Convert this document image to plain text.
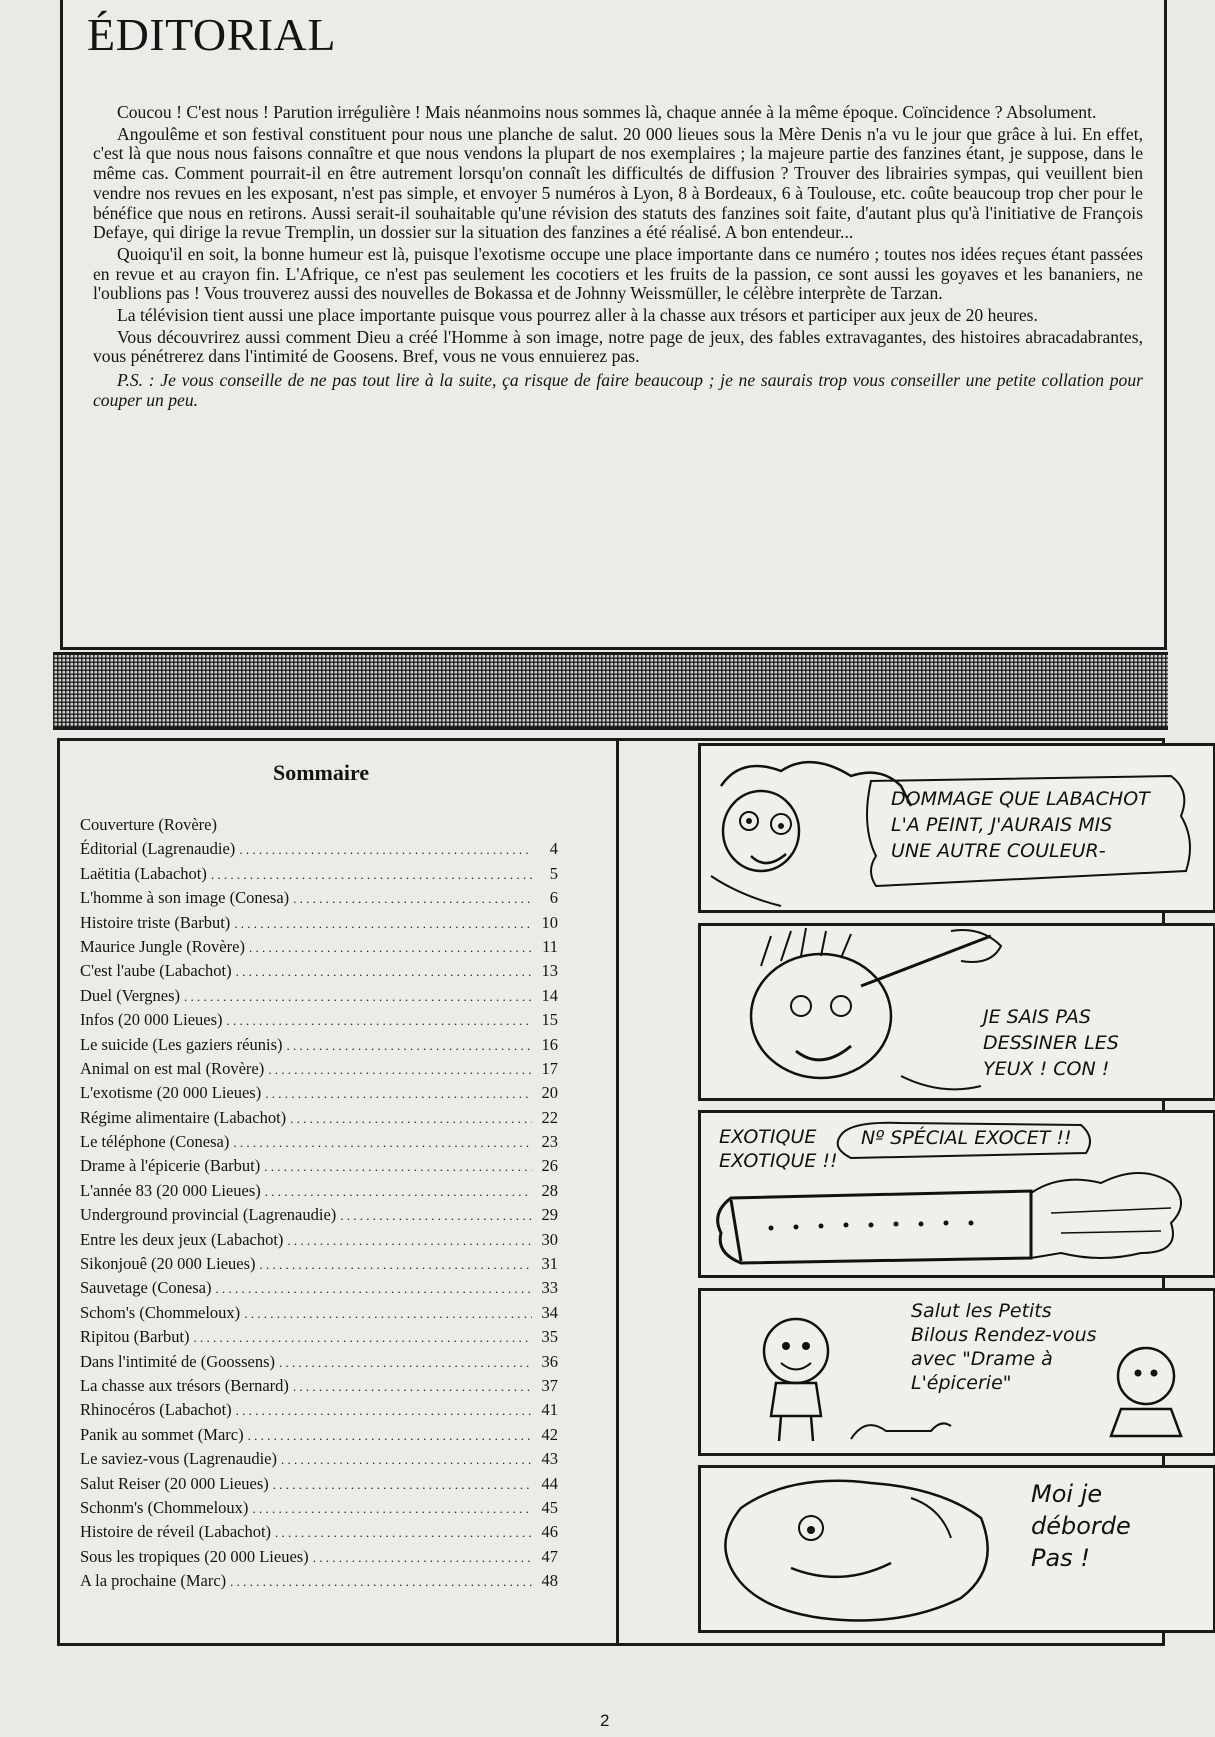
ÉDITORIAL

Coucou ! C'est nous ! Parution irrégulière ! Mais néanmoins nous sommes là, chaque année à la même époque. Coïncidence ? Absolument.

Angoulême et son festival constituent pour nous une planche de salut. 20 000 lieues sous la Mère Denis n'a vu le jour que grâce à lui. En effet, c'est là que nous nous faisons connaître et que nous vendons la plupart de nos exemplaires ; la majeure partie des fanzines étant, je suppose, dans le même cas. Comment pourrait-il en être autrement lorsqu'on connaît les difficultés de diffusion ? Trouver des librairies sympas, qui veuillent bien vendre nos revues en les exposant, n'est pas simple, et envoyer 5 numéros à Lyon, 8 à Bordeaux, 6 à Toulouse, etc. coûte beaucoup trop cher pour le bénéfice que nous en retirons. Aussi serait-il souhaitable qu'une révision des statuts des fanzines soit faite, d'autant plus qu'à l'initiative de François Defaye, qui dirige la revue Tremplin, un dossier sur la situation des fanzines a été réalisé. A bon entendeur...

Quoiqu'il en soit, la bonne humeur est là, puisque l'exotisme occupe une place importante dans ce numéro ; toutes nos idées reçues étant passées en revue et au crayon fin. L'Afrique, ce n'est pas seulement les cocotiers et les fruits de la passion, ce sont aussi les goyaves et les bananiers, ne l'oublions pas ! Vous trouverez aussi des nouvelles de Bokassa et de Johnny Weissmüller, le célèbre interprète de Tarzan.

La télévision tient aussi une place importante puisque vous pourrez aller à la chasse aux trésors et participer aux jeux de 20 heures.

Vous découvrirez aussi comment Dieu a créé l'Homme à son image, notre page de jeux, des fables extravagantes, des histoires abracadabrantes, vous pénétrerez dans l'intimité de Goosens. Bref, vous ne vous ennuierez pas.

P.S. : Je vous conseille de ne pas tout lire à la suite, ça risque de faire beaucoup ; je ne saurais trop vous conseiller une petite collation pour couper un peu.

Sommaire
Couverture (Rovère)
Éditorial (Lagrenaudie) . . .	4
Laëtitia (Labachot) . . .	5
L'homme à son image (Conesa) . . .	6
Histoire triste (Barbut) . . .	10
Maurice Jungle (Rovère) . . .	11
C'est l'aube (Labachot) . . .	13
Duel (Vergnes) . . .	14
Infos (20 000 Lieues) . . .	15
Le suicide (Les gaziers réunis) . . .	16
Animal on est mal (Rovère) . . .	17
L'exotisme (20 000 Lieues) . . .	20
Régime alimentaire (Labachot) . . .	22
Le téléphone (Conesa) . . .	23
Drame à l'épicerie (Barbut) . . .	26
L'année 83 (20 000 Lieues) . . .	28
Underground provincial (Lagrenaudie) . . .	29
Entre les deux jeux (Labachot) . . .	30
Sikonjouê (20 000 Lieues) . . .	31
Sauvetage (Conesa) . . .	33
Schom's (Chommeloux) . . .	34
Ripitou (Barbut) . . .	35
Dans l'intimité de (Goossens) . . .	36
La chasse aux trésors (Bernard) . . .	37
Rhinocéros (Labachot) . . .	41
Panik au sommet (Marc) . . .	42
Le saviez-vous (Lagrenaudie) . . .	43
Salut Reiser (20 000 Lieues) . . .	44
Schonm's (Chommeloux) . . .	45
Histoire de réveil (Labachot) . . .	46
Sous les tropiques (20 000 Lieues) . . .	47
A la prochaine (Marc) . . .	48
DOMMAGE QUE LABACHOT
L'A PEINT, J'AURAIS MIS
UNE AUTRE COULEUR-
JE SAIS PAS
DESSINER LES
YEUX ! CON !
EXOTIQUE
EXOTIQUE !!
Nº SPÉCIAL EXOCET !!
Salut les Petits
Bilous Rendez-vous
avec "Drame à
L'épicerie"
Moi je
déborde
Pas !
2
